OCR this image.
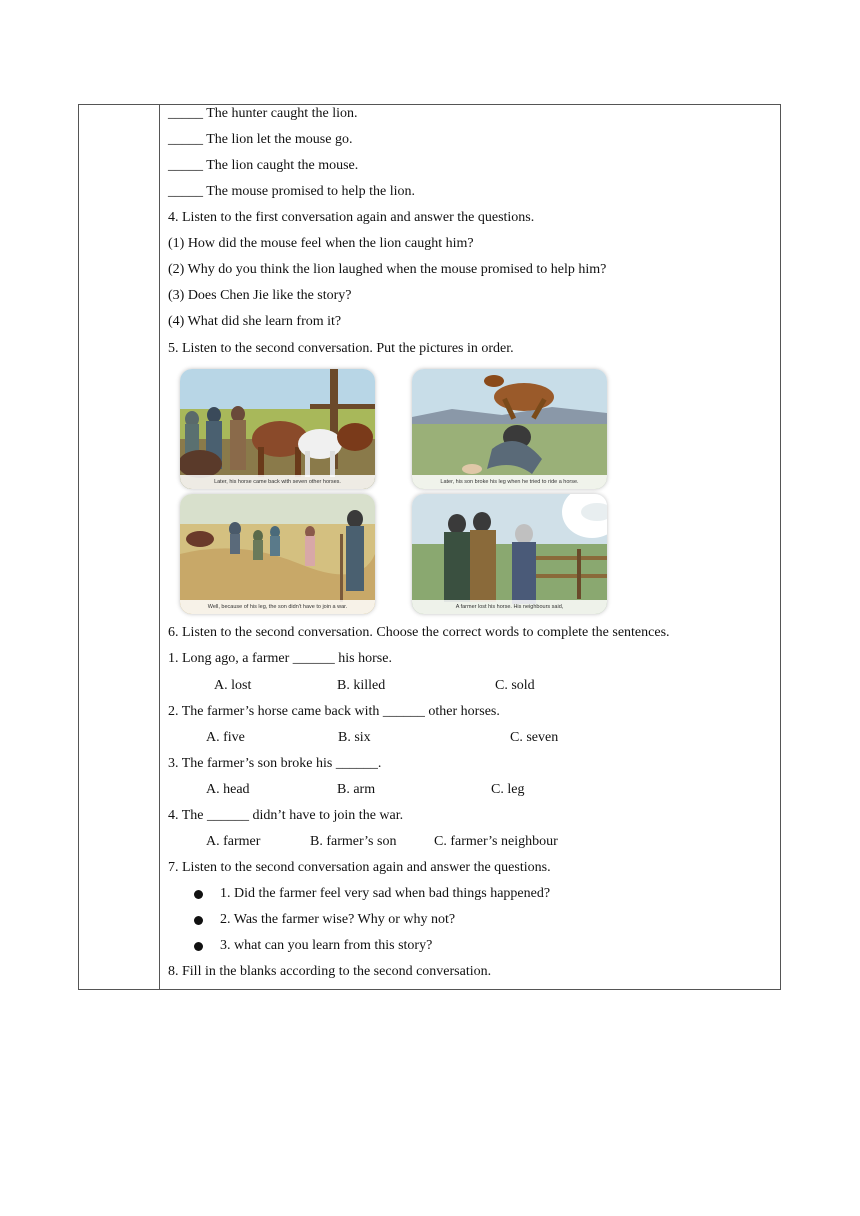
_____ The hunter caught the lion.
_____ The lion let the mouse go.
_____ The lion caught the mouse.
_____ The mouse promised to help the lion.
4. Listen to the first conversation again and answer the questions.
(1) How did the mouse feel when the lion caught him?
(2) Why do you think the lion laughed when the mouse promised to help him?
(3) Does Chen Jie like the story?
(4) What did she learn from it?
5. Listen to the second conversation. Put the pictures in order.
Later, his horse came back with seven other horses.	Later, his son broke his leg when he tried to ride a horse.
Well, because of his leg, the son didn't have to join a war.	A farmer lost his horse. His neighbours said,
6. Listen to the second conversation. Choose the correct words to complete the sentences.
1. Long ago, a farmer ______ his horse.
A. lost	B. killed	C. sold
2. The farmer’s horse came back with ______ other horses.
A. five	B. six	C. seven
3. The farmer’s son broke his ______.
A. head	B. arm	C. leg
4. The ______ didn’t have to join the war.
A. farmer	B. farmer’s son	C. farmer’s neighbour
7. Listen to the second conversation again and answer the questions.
1. Did the farmer feel very sad when bad things happened?
2. Was the farmer wise? Why or why not?
3. what can you learn from this story?
8. Fill in the blanks according to the second conversation.
